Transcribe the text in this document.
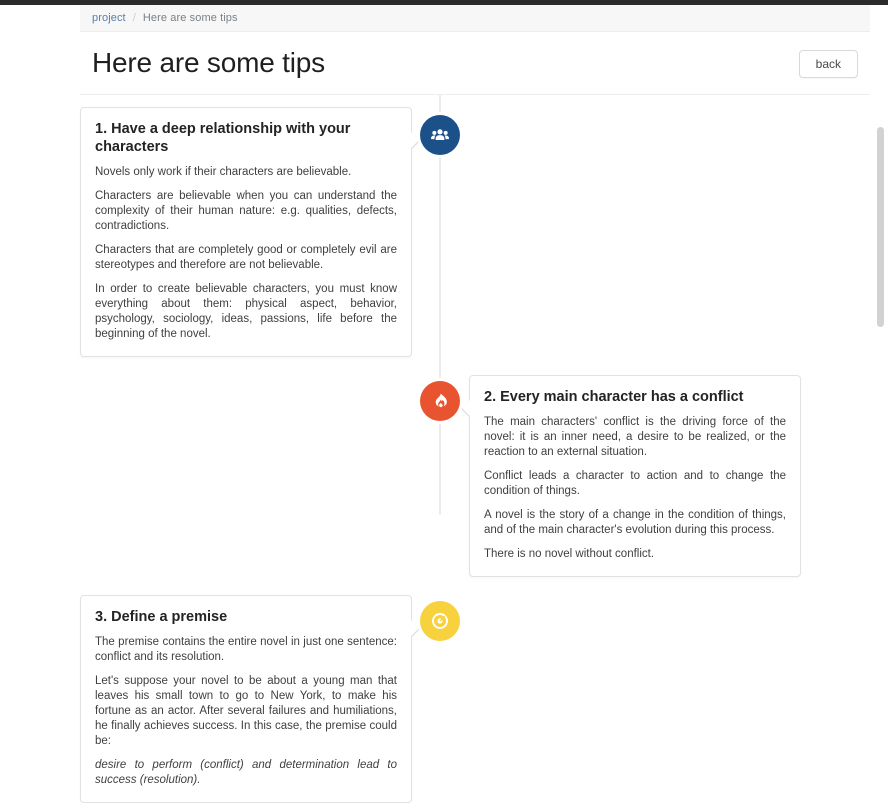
project / Here are some tips
Here are some tips	back
1. Have a deep relationship with your characters

Novels only work if their characters are believable.

Characters are believable when you can understand the complexity of their human nature: e.g. qualities, defects, contradictions.

Characters that are completely good or completely evil are stereotypes and therefore are not believable.

In order to create believable characters, you must know everything about them: physical aspect, behavior, psychology, sociology, ideas, passions, life before the beginning of the novel.

2. Every main character has a conflict

The main characters' conflict is the driving force of the novel: it is an inner need, a desire to be realized, or the reaction to an external situation.

Conflict leads a character to action and to change the condition of things.

A novel is the story of a change in the condition of things, and of the main character's evolution during this process.

There is no novel without conflict.

3. Define a premise

The premise contains the entire novel in just one sentence: conflict and its resolution.

Let's suppose your novel to be about a young man that leaves his small town to go to New York, to make his fortune as an actor. After several failures and humiliations, he finally achieves success. In this case, the premise could be:

desire to perform (conflict) and determination lead to success (resolution).
